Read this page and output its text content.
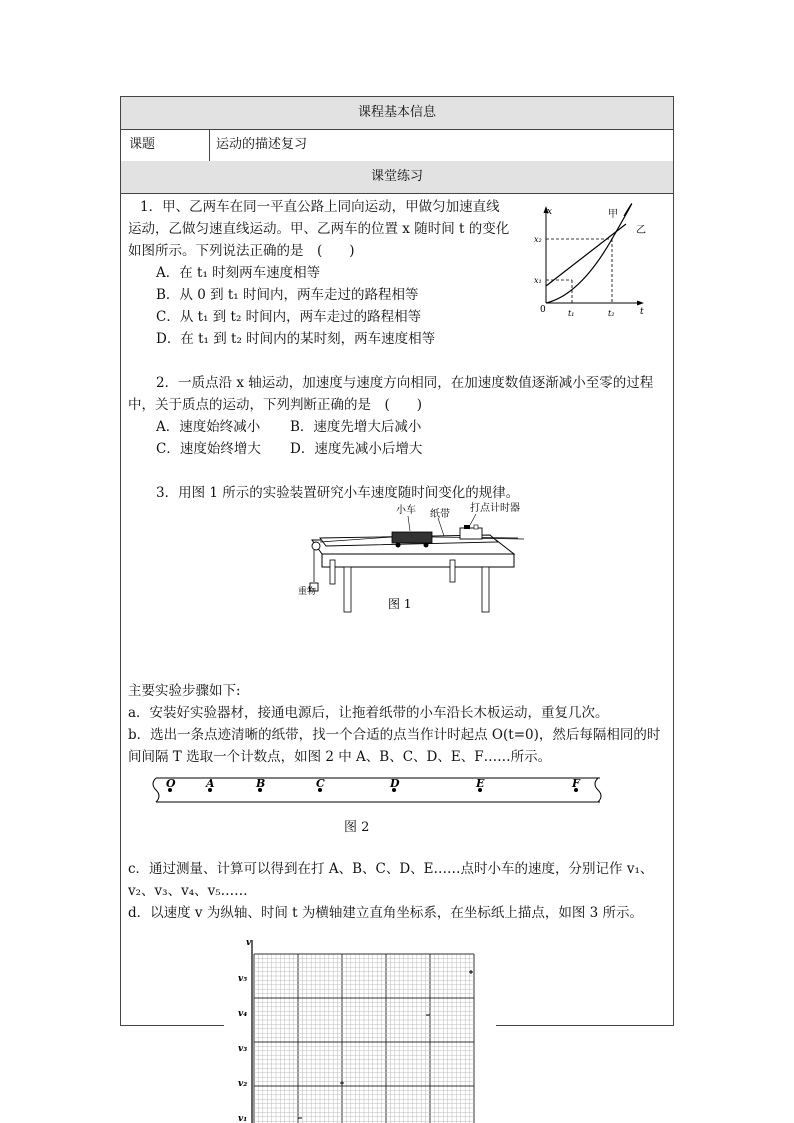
课程基本信息
课题	运动的描述复习
课堂练习
1．甲、乙两车在同一平直公路上同向运动，甲做匀加速直线
运动，乙做匀速直线运动。甲、乙两车的位置 x 随时间 t 的变化
如图所示。下列说法正确的是　(　　)
A．在 t₁ 时刻两车速度相等
B．从 0 到 t₁ 时间内，两车走过的路程相等
C．从 t₁ 到 t₂ 时间内，两车走过的路程相等
D．在 t₁ 到 t₂ 时间内的某时刻，两车速度相等
x
t
x₂
x₁
0	t₁	t₂
甲
乙
2．一质点沿 x 轴运动，加速度与速度方向相同，在加速度数值逐渐减小至零的过程
中，关于质点的运动，下列判断正确的是　(　　)
A．速度始终减小 B．速度先增大后减小
C．速度始终增大 D．速度先减小后增大
3．用图 1 所示的实验装置研究小车速度随时间变化的规律。
小车 纸带
打点计时器
重物
图 1
主要实验步骤如下:
a．安装好实验器材，接通电源后，让拖着纸带的小车沿长木板运动，重复几次。
b．选出一条点迹清晰的纸带，找一个合适的点当作计时起点 O(t=0)，然后每隔相同的时
间间隔 T 选取一个计数点，如图 2 中 A、B、C、D、E、F……所示。
O	A	B	C	D	E	F
图 2
c．通过测量、计算可以得到在打 A、B、C、D、E……点时小车的速度，分别记作 v₁、
v₂、v₃、v₄、v₅……
d．以速度 v 为纵轴、时间 t 为横轴建立直角坐标系，在坐标纸上描点，如图 3 所示。
v
v₅
v₄
v₃
v₂
v₁
